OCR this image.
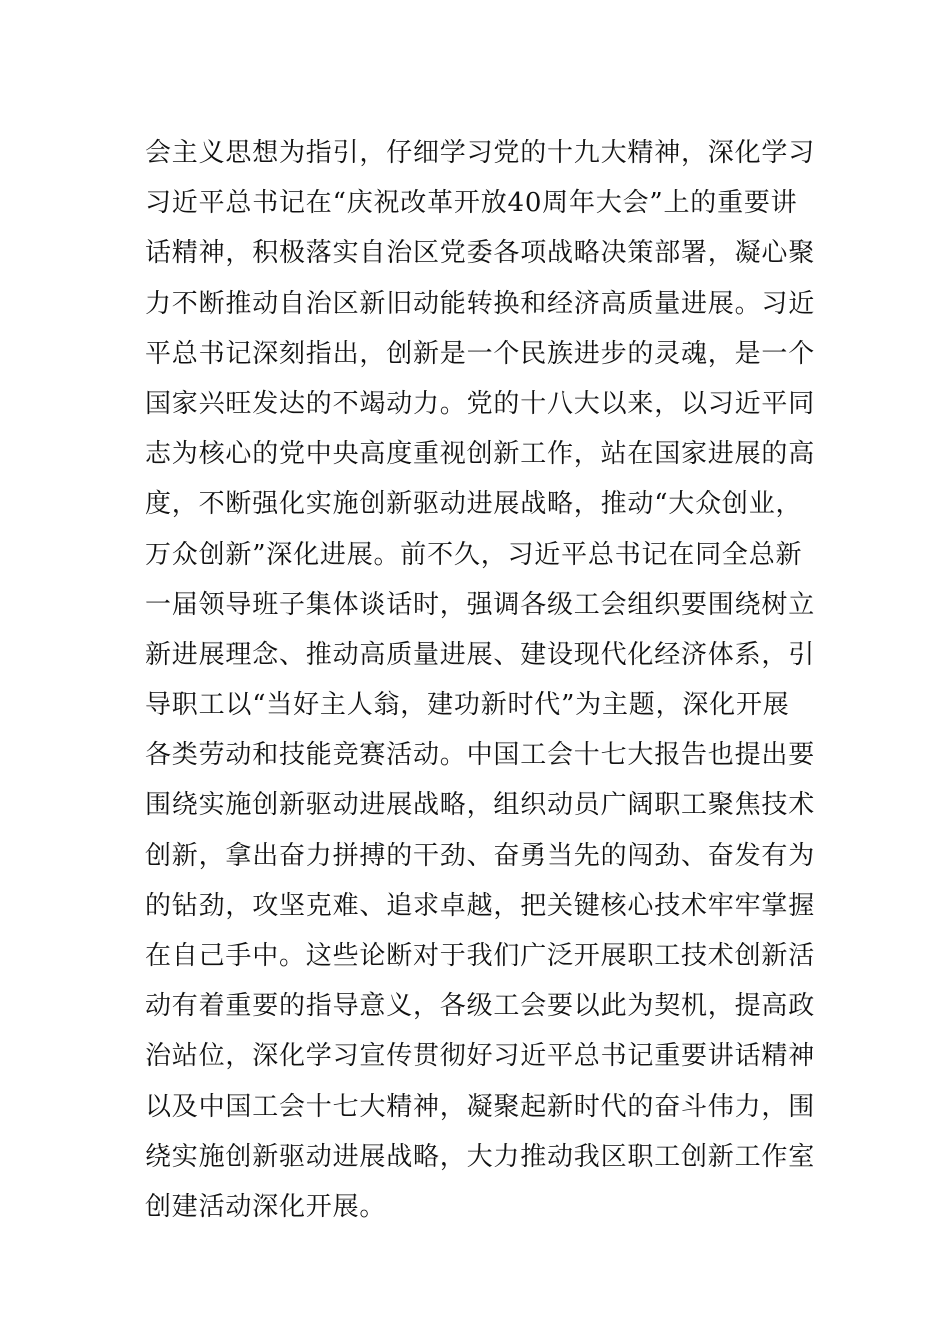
会主义思想为指引，仔细学习党的十九大精神，深化学习
习近平总书记在“庆祝改革开放40周年大会”上的重要讲
话精神，积极落实自治区党委各项战略决策部署，凝心聚
力不断推动自治区新旧动能转换和经济高质量进展。习近
平总书记深刻指出，创新是一个民族进步的灵魂，是一个
国家兴旺发达的不竭动力。党的十八大以来，以习近平同
志为核心的党中央高度重视创新工作，站在国家进展的高
度，不断强化实施创新驱动进展战略，推动“大众创业，
万众创新”深化进展。前不久，习近平总书记在同全总新
一届领导班子集体谈话时，强调各级工会组织要围绕树立
新进展理念、推动高质量进展、建设现代化经济体系，引
导职工以“当好主人翁，建功新时代”为主题，深化开展
各类劳动和技能竞赛活动。中国工会十七大报告也提出要
围绕实施创新驱动进展战略，组织动员广阔职工聚焦技术
创新，拿出奋力拼搏的干劲、奋勇当先的闯劲、奋发有为
的钻劲，攻坚克难、追求卓越，把关键核心技术牢牢掌握
在自己手中。这些论断对于我们广泛开展职工技术创新活
动有着重要的指导意义，各级工会要以此为契机，提高政
治站位，深化学习宣传贯彻好习近平总书记重要讲话精神
以及中国工会十七大精神，凝聚起新时代的奋斗伟力，围
绕实施创新驱动进展战略，大力推动我区职工创新工作室
创建活动深化开展。
